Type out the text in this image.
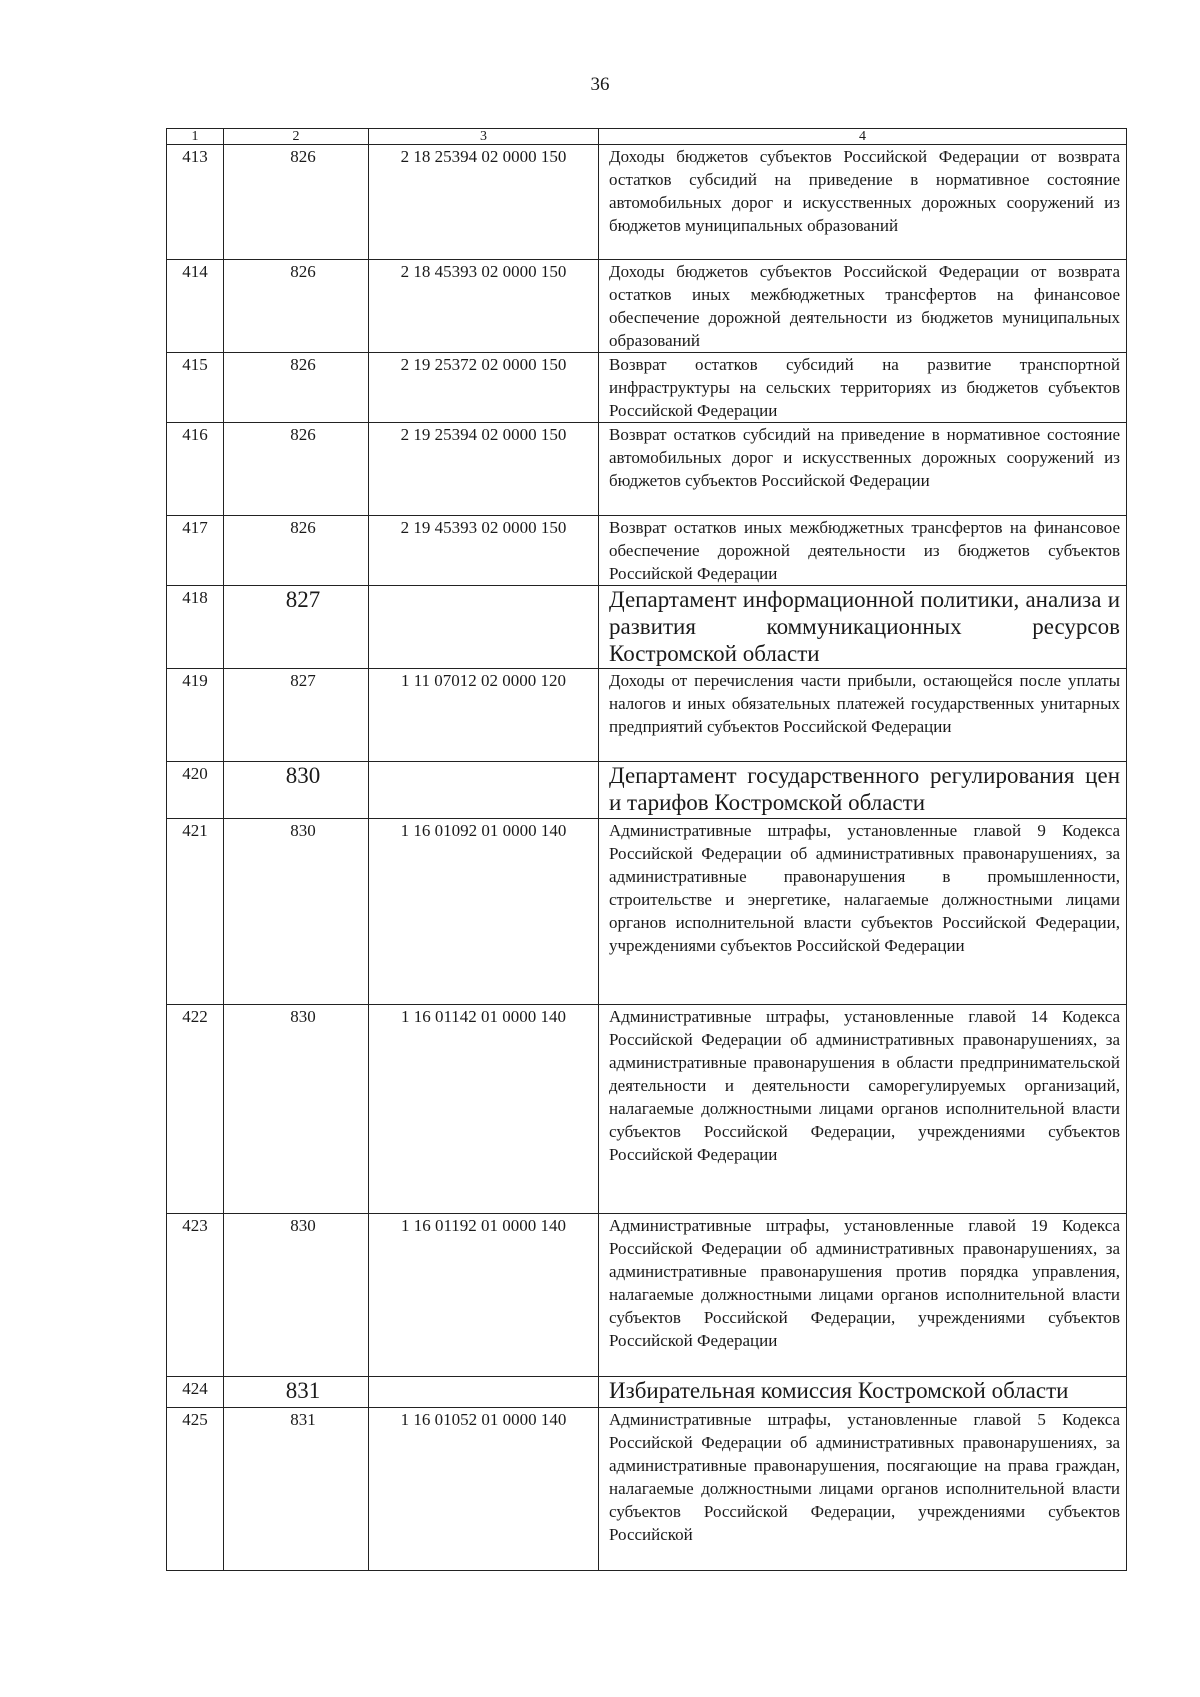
36
1	2	3	4
413	826	2 18 25394 02 0000 150	Доходы бюджетов субъектов Российской Федерации от возврата остатков субсидий на приведение в нормативное состояние автомобильных дорог и искусственных дорожных сооружений из бюджетов муниципальных образований
414	826	2 18 45393 02 0000 150	Доходы бюджетов субъектов Российской Федерации от возврата остатков иных межбюджетных трансфертов на финансовое обеспечение дорожной деятельности из бюджетов муниципальных образований
415	826	2 19 25372 02 0000 150	Возврат остатков субсидий на развитие транспортной инфраструктуры на сельских территориях из бюджетов субъектов Российской Федерации
416	826	2 19 25394 02 0000 150	Возврат остатков субсидий на приведение в нормативное состояние автомобильных дорог и искусственных дорожных сооружений из бюджетов субъектов Российской Федерации
417	826	2 19 45393 02 0000 150	Возврат остатков иных межбюджетных трансфертов на финансовое обеспечение дорожной деятельности из бюджетов субъектов Российской Федерации
418	827		Департамент информационной политики, анализа и развития коммуникационных ресурсов Костромской области
419	827	1 11 07012 02 0000 120	Доходы от перечисления части прибыли, остающейся после уплаты налогов и иных обязательных платежей государственных унитарных предприятий субъектов Российской Федерации
420	830		Департамент государственного регулирования цен и тарифов Костромской области
421	830	1 16 01092 01 0000 140	Административные штрафы, установленные главой 9 Кодекса Российской Федерации об административных правонарушениях, за административные правонарушения в промышленности, строительстве и энергетике, налагаемые должностными лицами органов исполнительной власти субъектов Российской Федерации, учреждениями субъектов Российской Федерации
422	830	1 16 01142 01 0000 140	Административные штрафы, установленные главой 14 Кодекса Российской Федерации об административных правонарушениях, за административные правонарушения в области предпринимательской деятельности и деятельности саморегулируемых организаций, налагаемые должностными лицами органов исполнительной власти субъектов Российской Федерации, учреждениями субъектов Российской Федерации
423	830	1 16 01192 01 0000 140	Административные штрафы, установленные главой 19 Кодекса Российской Федерации об административных правонарушениях, за административные правонарушения против порядка управления, налагаемые должностными лицами органов исполнительной власти субъектов Российской Федерации, учреждениями субъектов Российской Федерации
424	831		Избирательная комиссия Костромской области
425	831	1 16 01052 01 0000 140	Административные штрафы, установленные главой 5 Кодекса Российской Федерации об административных правонарушениях, за административные правонарушения, посягающие на права граждан, налагаемые должностными лицами органов исполнительной власти субъектов Российской Федерации, учреждениями субъектов Российской
